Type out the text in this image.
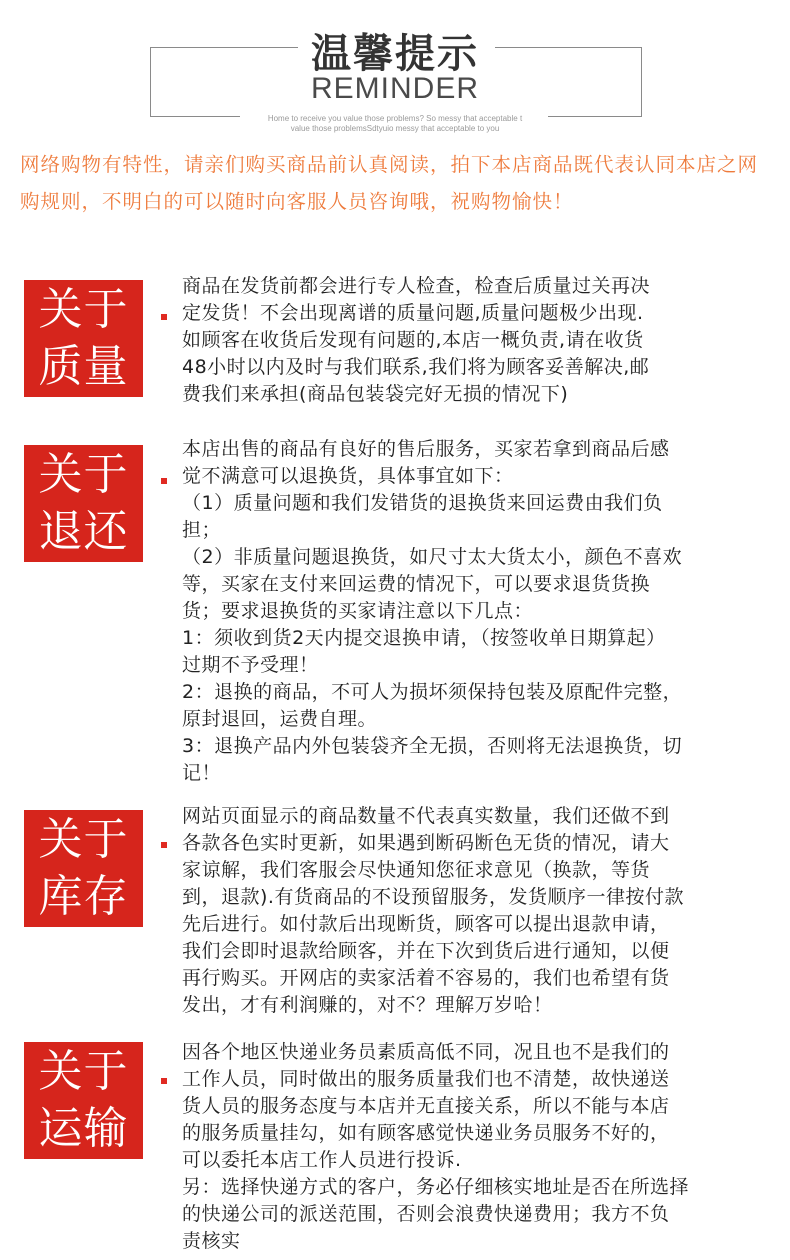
温馨提示
REMINDER
Home to receive you value those problems? So messy that acceptable t
value those problemsSdtyuio messy that acceptable to you
网络购物有特性，请亲们购买商品前认真阅读，拍下本店商品既代表认同本店之网购规则，不明白的可以随时向客服人员咨询哦，祝购物愉快！
关于
质量
商品在发货前都会进行专人检查，检查后质量过关再决
定发货！不会出现离谱的质量问题,质量问题极少出现.
如顾客在收货后发现有问题的,本店一概负责,请在收货
48小时以内及时与我们联系,我们将为顾客妥善解决,邮
费我们来承担(商品包装袋完好无损的情况下)
关于
退还
本店出售的商品有良好的售后服务，买家若拿到商品后感
觉不满意可以退换货，具体事宜如下：
（1）质量问题和我们发错货的退换货来回运费由我们负
担；
（2）非质量问题退换货，如尺寸太大货太小，颜色不喜欢
等，买家在支付来回运费的情况下，可以要求退货货换
货；要求退换货的买家请注意以下几点：
1：须收到货2天内提交退换申请，（按签收单日期算起）
过期不予受理！
2：退换的商品，不可人为损坏须保持包装及原配件完整，
原封退回，运费自理。
3：退换产品内外包装袋齐全无损，否则将无法退换货，切
记！
关于
库存
网站页面显示的商品数量不代表真实数量，我们还做不到
各款各色实时更新，如果遇到断码断色无货的情况，请大
家谅解，我们客服会尽快通知您征求意见（换款，等货
到，退款).有货商品的不设预留服务，发货顺序一律按付款
先后进行。如付款后出现断货，顾客可以提出退款申请，
我们会即时退款给顾客，并在下次到货后进行通知，以便
再行购买。开网店的卖家活着不容易的，我们也希望有货
发出，才有利润赚的，对不？理解万岁哈！
关于
运输
因各个地区快递业务员素质高低不同，况且也不是我们的
工作人员，同时做出的服务质量我们也不清楚，故快递送
货人员的服务态度与本店并无直接关系，所以不能与本店
的服务质量挂勾，如有顾客感觉快递业务员服务不好的，
可以委托本店工作人员进行投诉.
另：选择快递方式的客户，务必仔细核实地址是否在所选择
的快递公司的派送范围，否则会浪费快递费用；我方不负
责核实
